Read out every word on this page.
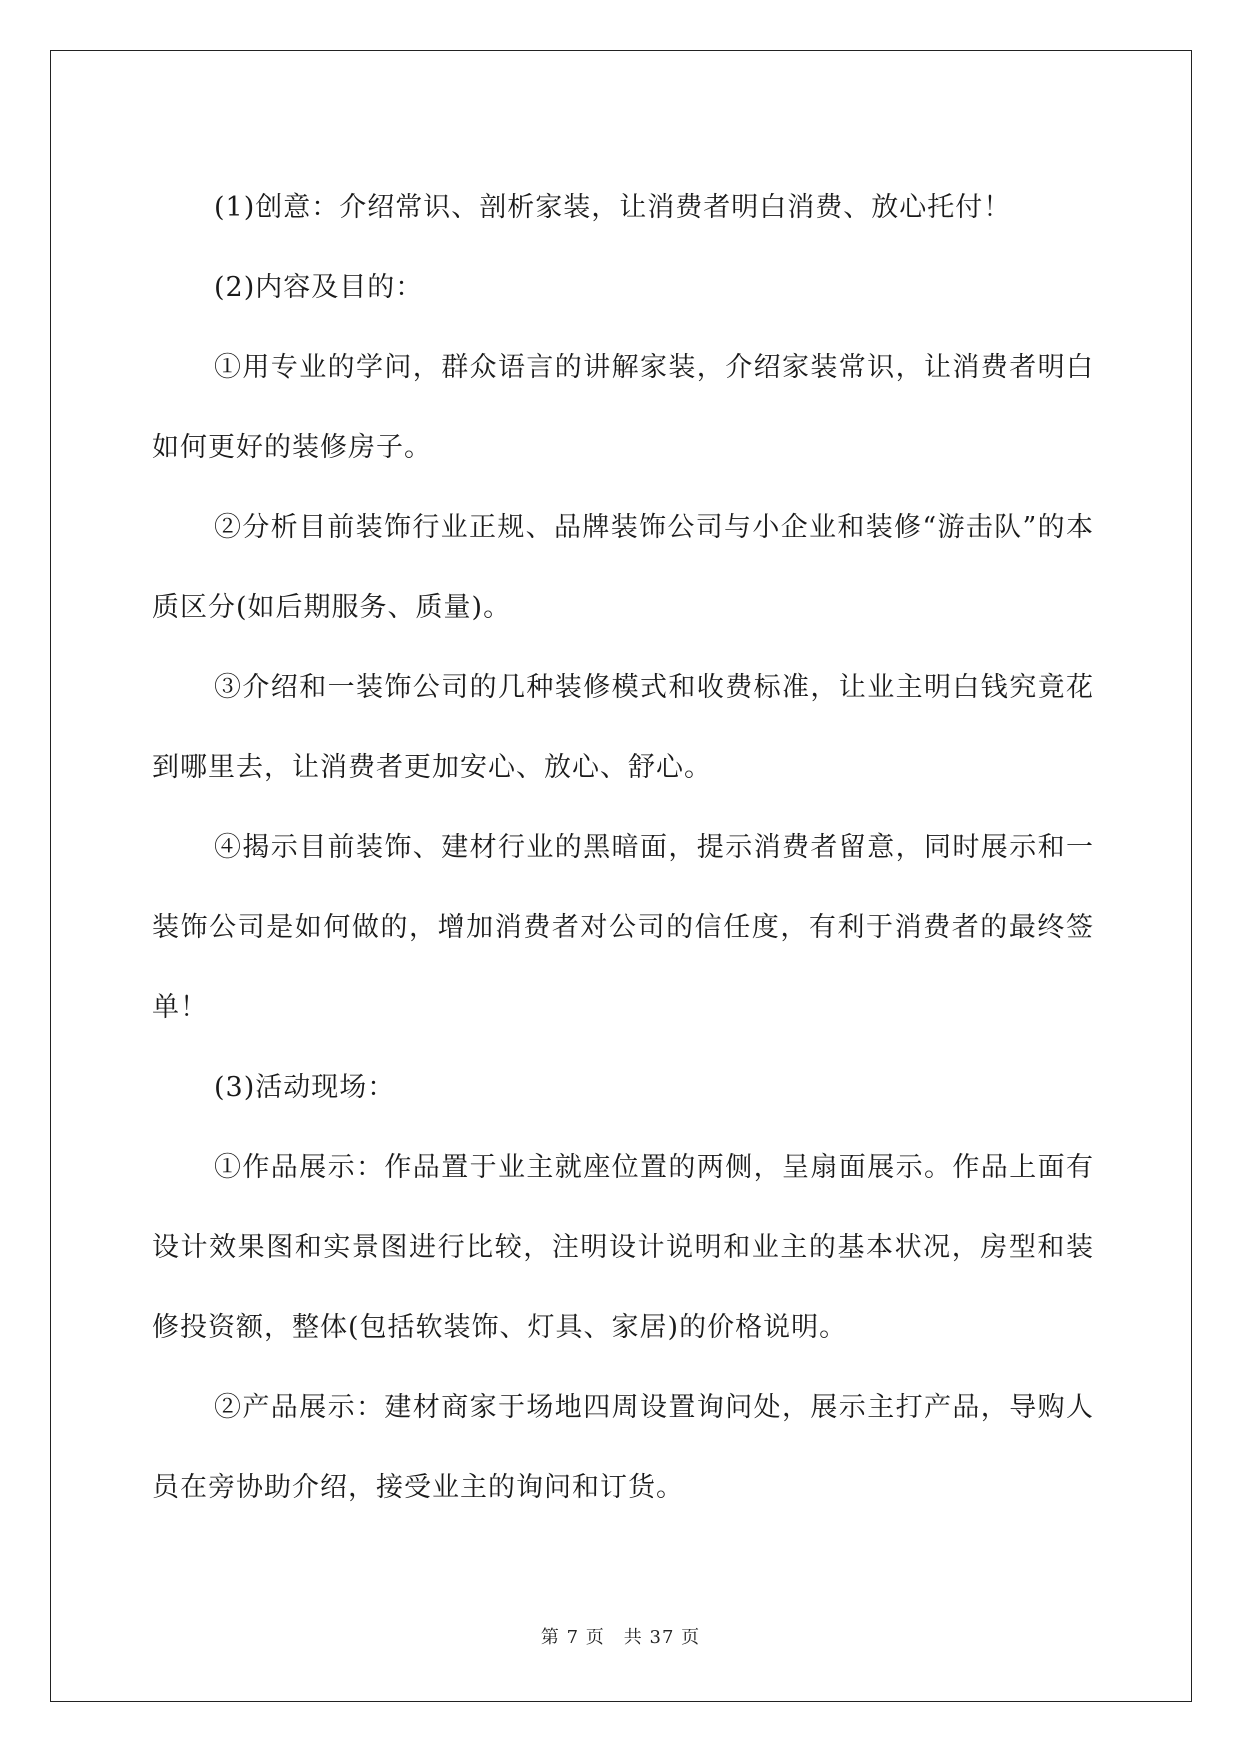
(1)创意：介绍常识、剖析家装，让消费者明白消费、放心托付！

(2)内容及目的：

①用专业的学问，群众语言的讲解家装，介绍家装常识，让消费者明白如何更好的装修房子。

②分析目前装饰行业正规、品牌装饰公司与小企业和装修“游击队”的本质区分(如后期服务、质量)。

③介绍和一装饰公司的几种装修模式和收费标准，让业主明白钱究竟花到哪里去，让消费者更加安心、放心、舒心。

④揭示目前装饰、建材行业的黑暗面，提示消费者留意，同时展示和一装饰公司是如何做的，增加消费者对公司的信任度，有利于消费者的最终签单！

(3)活动现场：

①作品展示：作品置于业主就座位置的两侧，呈扇面展示。作品上面有设计效果图和实景图进行比较，注明设计说明和业主的基本状况，房型和装修投资额，整体(包括软装饰、灯具、家居)的价格说明。

②产品展示：建材商家于场地四周设置询问处，展示主打产品，导购人员在旁协助介绍，接受业主的询问和订货。

第 7 页　共 37 页
